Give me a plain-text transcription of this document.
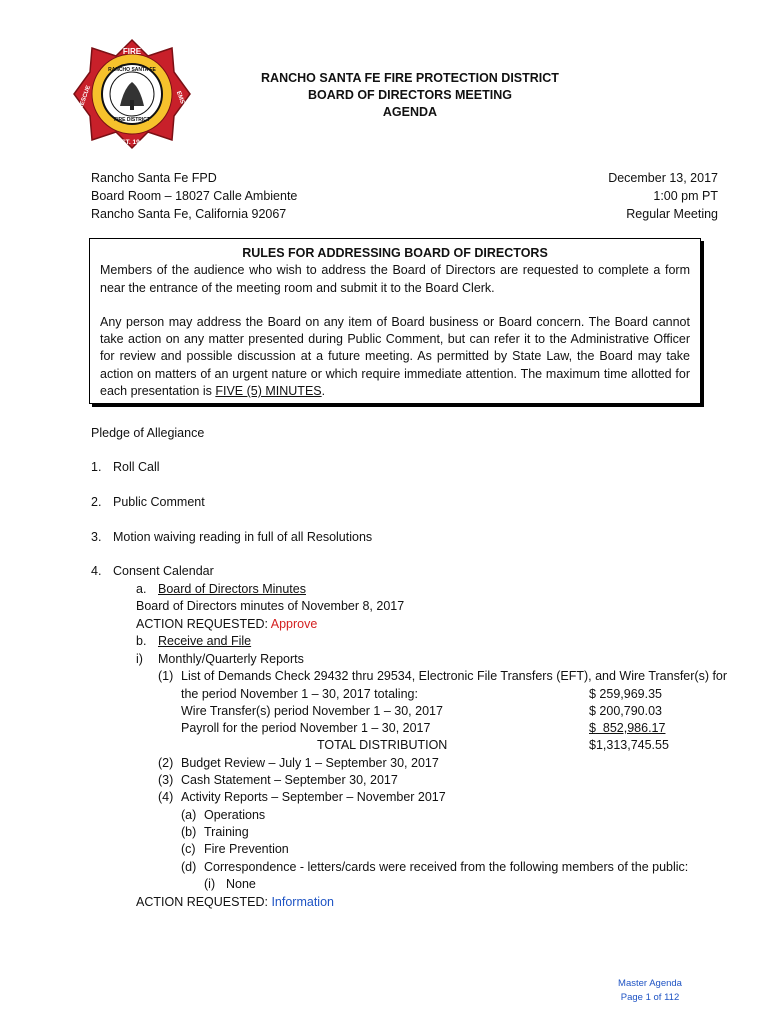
FIRE
EST. 1946
RESCUE	EMS
RANCHO SANTA FE
FIRE DISTRICT
RANCHO SANTA FE FIRE PROTECTION DISTRICT
BOARD OF DIRECTORS MEETING
AGENDA
Rancho Santa Fe FPD
Board Room – 18027 Calle Ambiente
Rancho Santa Fe, California 92067
December 13, 2017
1:00 pm PT
Regular Meeting
RULES FOR ADDRESSING BOARD OF DIRECTORS

Members of the audience who wish to address the Board of Directors are requested to complete a form near the entrance of the meeting room and submit it to the Board Clerk.

Any person may address the Board on any item of Board business or Board concern. The Board cannot take action on any matter presented during Public Comment, but can refer it to the Administrative Officer for review and possible discussion at a future meeting. As permitted by State Law, the Board may take action on matters of an urgent nature or which require immediate attention. The maximum time allotted for each presentation is FIVE (5) MINUTES.

Pledge of Allegiance
1. Roll Call
2. Public Comment
3. Motion waiving reading in full of all Resolutions
4. Consent Calendar
a. Board of Directors Minutes
Board of Directors minutes of November 8, 2017
ACTION REQUESTED: Approve
b. Receive and File
i) Monthly/Quarterly Reports
(1) List of Demands Check 29432 thru 29534, Electronic File Transfers (EFT), and Wire Transfer(s) for
the period November 1 – 30, 2017 totaling:	$ 259,969.35
Wire Transfer(s) period November 1 – 30, 2017	$ 200,790.03
Payroll for the period November 1 – 30, 2017	$  852,986.17
TOTAL DISTRIBUTION	$1,313,745.55
(2) Budget Review – July 1 – September 30, 2017
(3) Cash Statement – September 30, 2017
(4) Activity Reports – September – November 2017
(a) Operations
(b) Training
(c) Fire Prevention
(d) Correspondence - letters/cards were received from the following members of the public:
(i) None
ACTION REQUESTED: Information
Master Agenda
Page 1 of 112
